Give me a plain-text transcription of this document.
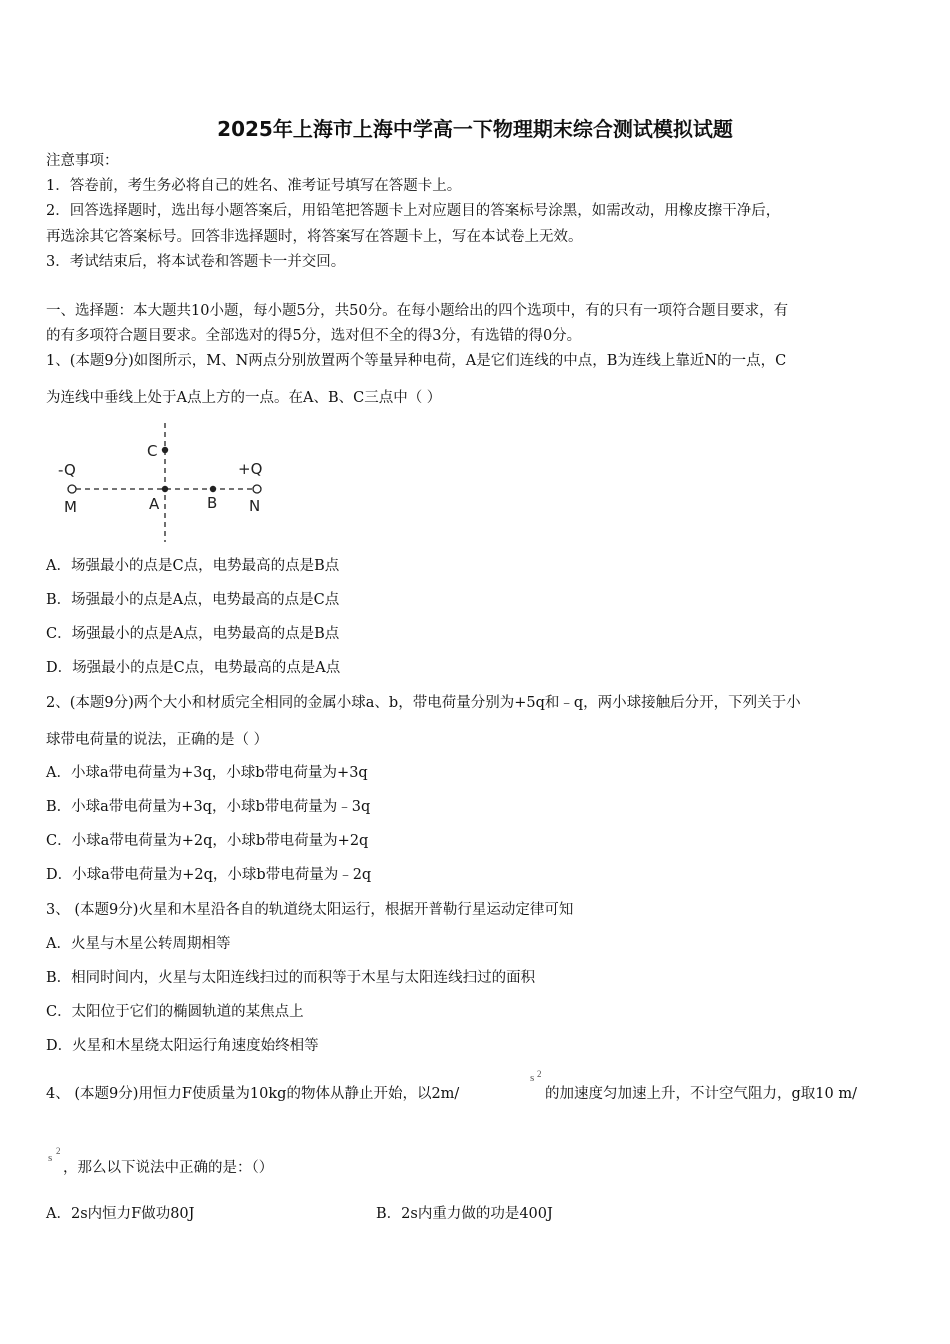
2025年上海市上海中学高一下物理期末综合测试模拟试题
注意事项：
1．答卷前，考生务必将自己的姓名、准考证号填写在答题卡上。
2．回答选择题时，选出每小题答案后，用铅笔把答题卡上对应题目的答案标号涂黑，如需改动，用橡皮擦干净后，
再选涂其它答案标号。回答非选择题时，将答案写在答题卡上，写在本试卷上无效。
3．考试结束后，将本试卷和答题卡一并交回。
一、选择题：本大题共10小题，每小题5分，共50分。在每小题给出的四个选项中，有的只有一项符合题目要求，有
的有多项符合题目要求。全部选对的得5分，选对但不全的得3分，有选错的得0分。
1、(本题9分)如图所示，M、N两点分别放置两个等量异种电荷，A是它们连线的中点，B为连线上靠近N的一点，C
为连线中垂线上处于A点上方的一点。在A、B、C三点中（ ）
-Q	+Q
M	A	B N
C
A．场强最小的点是C点，电势最高的点是B点
B．场强最小的点是A点，电势最高的点是C点
C．场强最小的点是A点，电势最高的点是B点
D．场强最小的点是C点，电势最高的点是A点
2、(本题9分)两个大小和材质完全相同的金属小球a、b，带电荷量分别为+5q和﹣q，两小球接触后分开，下列关于小
球带电荷量的说法，正确的是（ ）
A．小球a带电荷量为+3q，小球b带电荷量为+3q
B．小球a带电荷量为+3q，小球b带电荷量为﹣3q
C．小球a带电荷量为+2q，小球b带电荷量为+2q
D．小球a带电荷量为+2q，小球b带电荷量为﹣2q
3、 (本题9分)火星和木星沿各自的轨道绕太阳运行，根据开普勒行星运动定律可知
A．火星与木星公转周期相等
B．相同时间内，火星与太阳连线扫过的而积等于木星与太阳连线扫过的面积
C．太阳位于它们的椭圆轨道的某焦点上
D．火星和木星绕太阳运行角速度始终相等
4、 (本题9分)用恒力F使质量为10kg的物体从静止开始，以2m/
s 2
的加速度匀加速上升，不计空气阻力，g取10 m/
s
2
，那么以下说法中正确的是：（）
A．2s内恒力F做功80J	B．2s内重力做的功是400J
